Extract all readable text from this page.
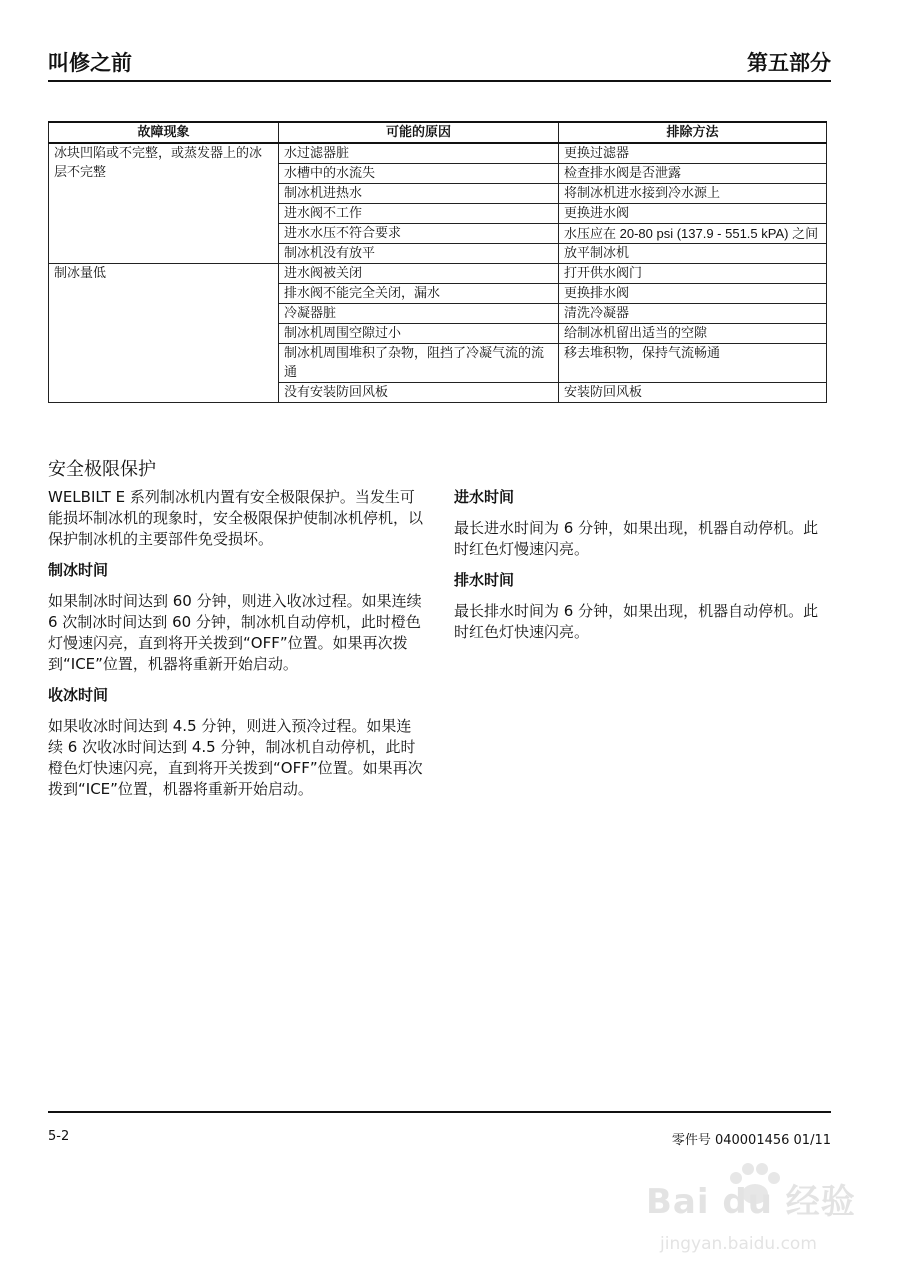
叫修之前	第五部分
故障现象	可能的原因	排除方法
冰块凹陷或不完整，或蒸发器上的冰层不完整	水过滤器脏	更换过滤器
	水槽中的水流失	检查排水阀是否泄露
	制冰机进热水	将制冰机进水接到冷水源上
	进水阀不工作	更换进水阀
	进水水压不符合要求	水压应在 20-80 psi (137.9 - 551.5 kPA) 之间
	制冰机没有放平	放平制冰机
制冰量低	进水阀被关闭	打开供水阀门
	排水阀不能完全关闭，漏水	更换排水阀
	冷凝器脏	清洗冷凝器
	制冰机周围空隙过小	给制冰机留出适当的空隙
	制冰机周围堆积了杂物，阻挡了冷凝气流的流通	移去堆积物，保持气流畅通
	没有安装防回风板	安装防回风板
安全极限保护

WELBILT E 系列制冰机内置有安全极限保护。当发生可能损坏制冰机的现象时，安全极限保护使制冰机停机，以保护制冰机的主要部件免受损坏。

制冰时间

如果制冰时间达到 60 分钟，则进入收冰过程。如果连续 6 次制冰时间达到 60 分钟，制冰机自动停机，此时橙色灯慢速闪亮，直到将开关拨到“OFF”位置。如果再次拨到“ICE”位置，机器将重新开始启动。

收冰时间

如果收冰时间达到 4.5 分钟，则进入预冷过程。如果连续 6 次收冰时间达到 4.5 分钟，制冰机自动停机，此时橙色灯快速闪亮，直到将开关拨到“OFF”位置。如果再次拨到“ICE”位置，机器将重新开始启动。

进水时间

最长进水时间为 6 分钟，如果出现，机器自动停机。此时红色灯慢速闪亮。

排水时间

最长排水时间为 6 分钟，如果出现，机器自动停机。此时红色灯快速闪亮。

5-2	零件号 040001456 01/11
Bai du 经验
jingyan.baidu.com
